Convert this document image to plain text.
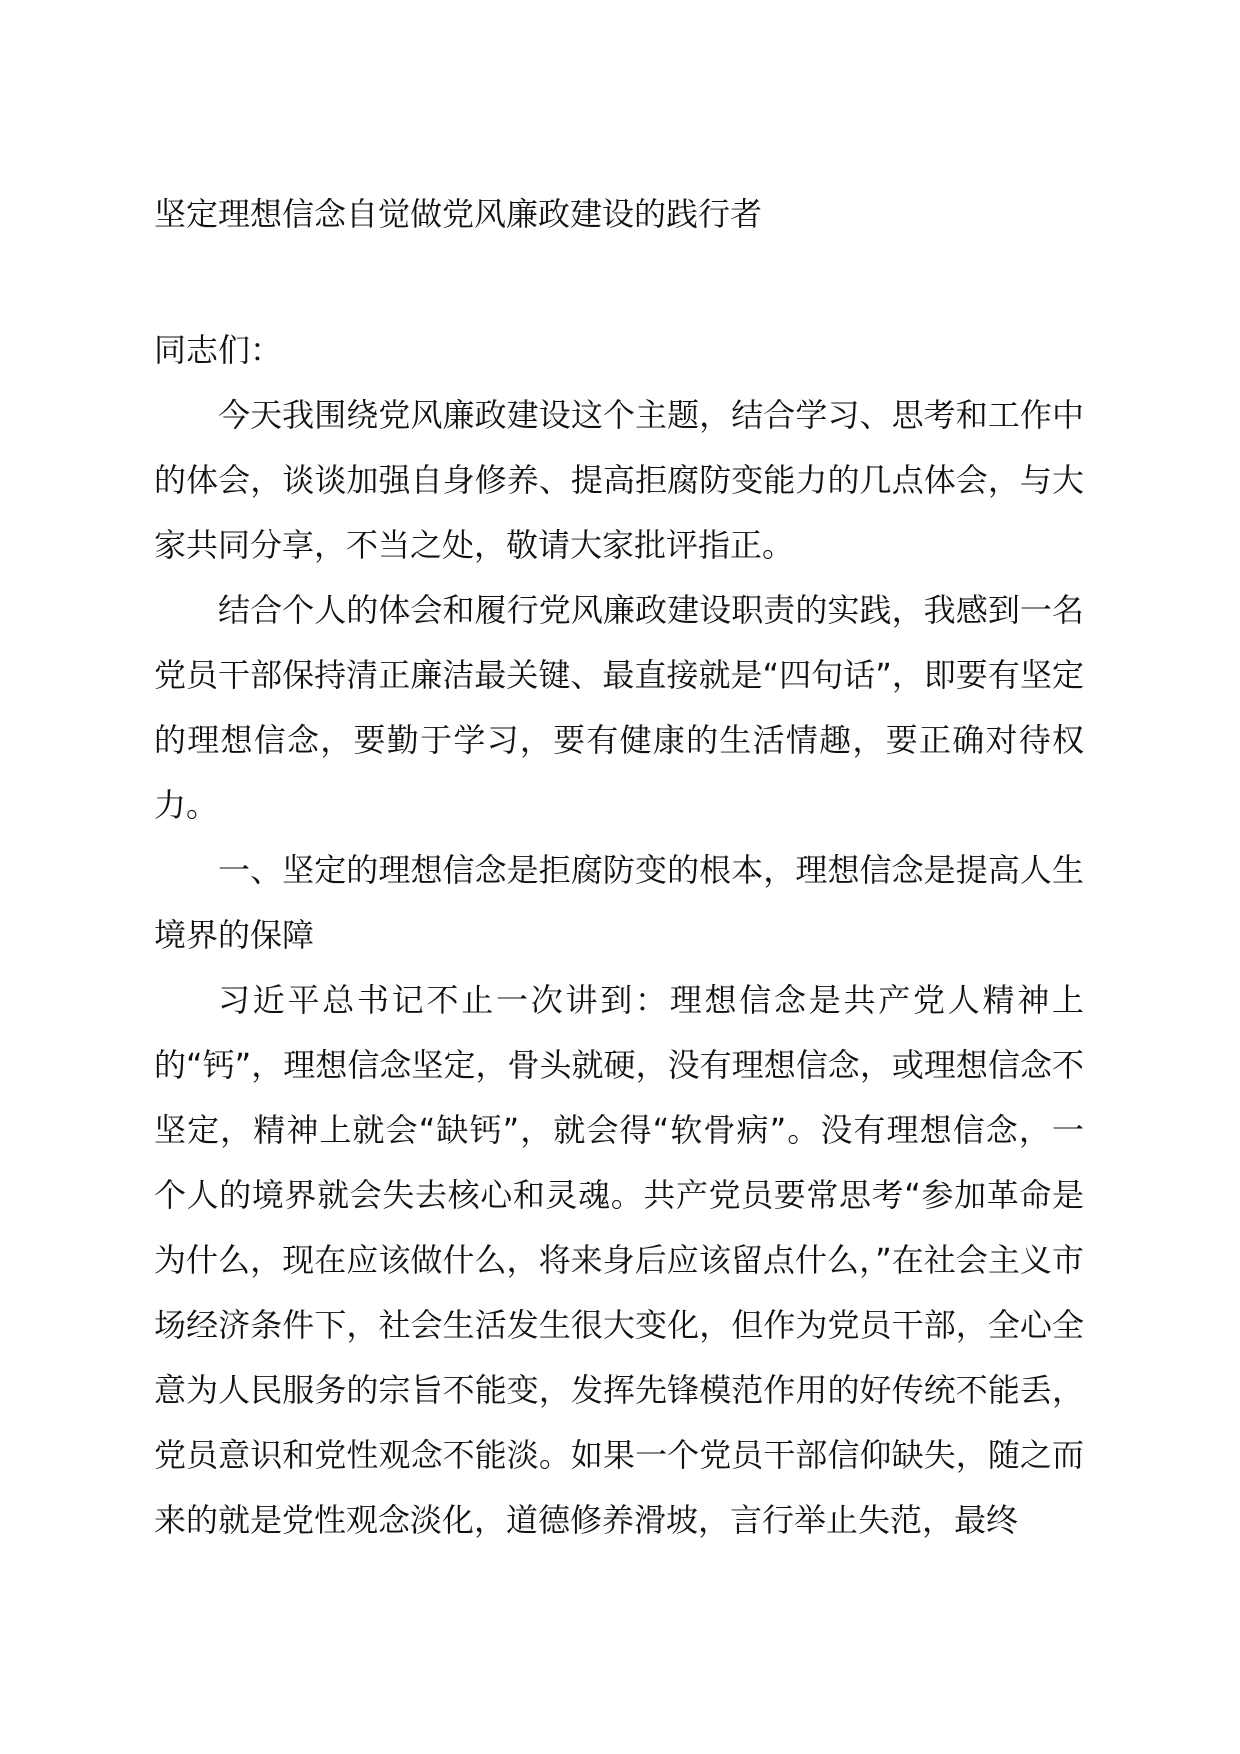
坚定理想信念自觉做党风廉政建设的践行者

同志们：

今天我围绕党风廉政建设这个主题，结合学习、思考和工作中的体会，谈谈加强自身修养、提高拒腐防变能力的几点体会，与大家共同分享，不当之处，敬请大家批评指正。

结合个人的体会和履行党风廉政建设职责的实践，我感到一名党员干部保持清正廉洁最关键、最直接就是“四句话”，即要有坚定的理想信念，要勤于学习，要有健康的生活情趣，要正确对待权力。

一、坚定的理想信念是拒腐防变的根本，理想信念是提高人生境界的保障

习近平总书记不止一次讲到：理想信念是共产党人精神上的“钙”，理想信念坚定，骨头就硬，没有理想信念，或理想信念不坚定，精神上就会“缺钙”，就会得“软骨病”。没有理想信念，一个人的境界就会失去核心和灵魂。共产党员要常思考“参加革命是为什么，现在应该做什么，将来身后应该留点什么，”在社会主义市场经济条件下，社会生活发生很大变化，但作为党员干部，全心全意为人民服务的宗旨不能变，发挥先锋模范作用的好传统不能丢，党员意识和党性观念不能淡。如果一个党员干部信仰缺失，随之而来的就是党性观念淡化，道德修养滑坡，言行举止失范，最终
